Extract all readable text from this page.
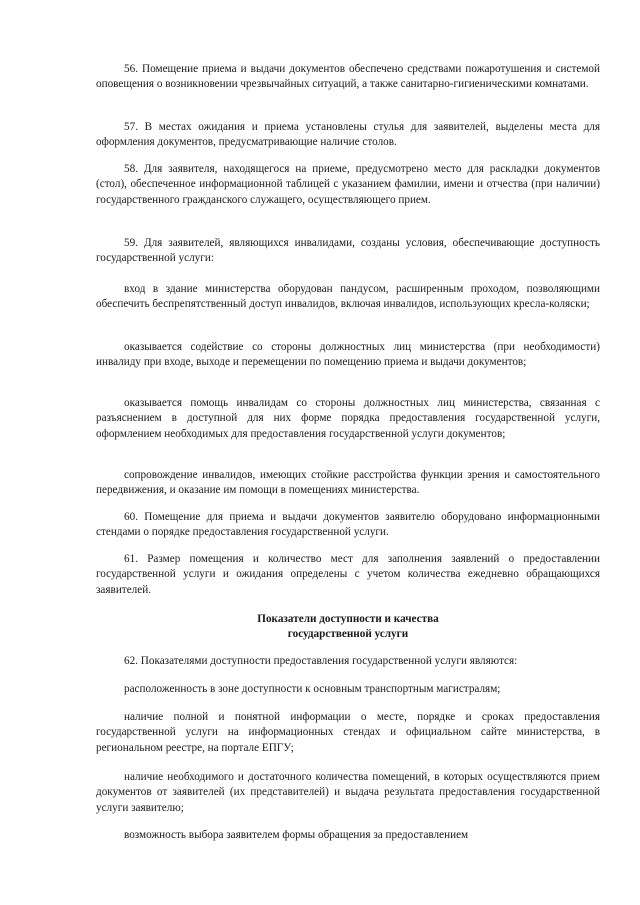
56. Помещение приема и выдачи документов обеспечено средствами пожаротушения и системой оповещения о возникновении чрезвычайных ситуаций, а также санитарно-гигиеническими комнатами.

57. В местах ожидания и приема установлены стулья для заявителей, выделены места для оформления документов, предусматривающие наличие столов.

58. Для заявителя, находящегося на приеме, предусмотрено место для раскладки документов (стол), обеспеченное информационной таблицей с указанием фамилии, имени и отчества (при наличии) государственного гражданского служащего, осуществляющего прием.

59. Для заявителей, являющихся инвалидами, созданы условия, обеспечивающие доступность государственной услуги:

вход в здание министерства оборудован пандусом, расширенным проходом, позволяющими обеспечить беспрепятственный доступ инвалидов, включая инвалидов, использующих кресла-коляски;

оказывается содействие со стороны должностных лиц министерства (при необходимости) инвалиду при входе, выходе и перемещении по помещению приема и выдачи документов;

оказывается помощь инвалидам со стороны должностных лиц министерства, связанная с разъяснением в доступной для них форме порядка предоставления государственной услуги, оформлением необходимых для предоставления государственной услуги документов;

сопровождение инвалидов, имеющих стойкие расстройства функции зрения и самостоятельного передвижения, и оказание им помощи в помещениях министерства.

60. Помещение для приема и выдачи документов заявителю оборудовано информационными стендами о порядке предоставления государственной услуги.

61. Размер помещения и количество мест для заполнения заявлений о предоставлении государственной услуги и ожидания определены с учетом количества ежедневно обращающихся заявителей.

Показатели доступности и качества
государственной услуги

62. Показателями доступности предоставления государственной услуги являются:

расположенность в зоне доступности к основным транспортным магистралям;

наличие полной и понятной информации о месте, порядке и сроках предоставления государственной услуги на информационных стендах и официальном сайте министерства, в региональном реестре, на портале ЕПГУ;

наличие необходимого и достаточного количества помещений, в которых осуществляются прием документов от заявителей (их представителей) и выдача результата предоставления государственной услуги заявителю;

возможность выбора заявителем формы обращения за предоставлением
